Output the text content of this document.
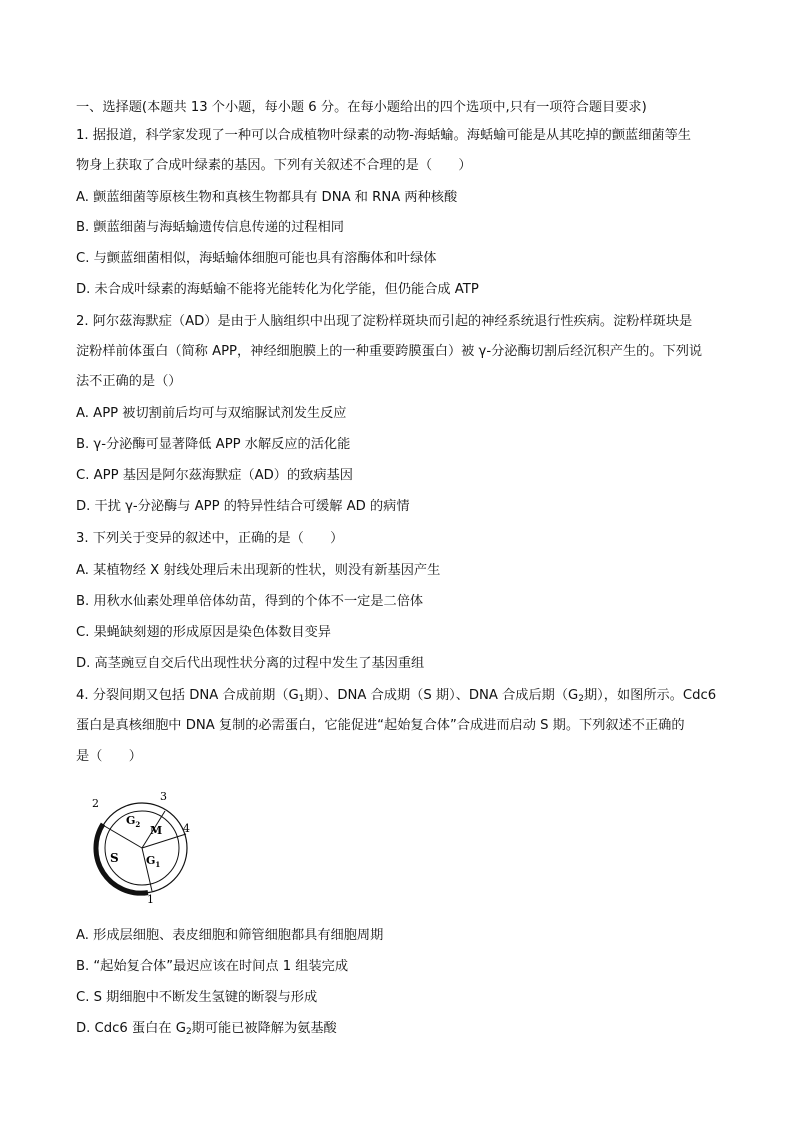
一、选择题(本题共 13 个小题，每小题 6 分。在每小题给出的四个选项中,只有一项符合题目要求)
1. 据报道，科学家发现了一种可以合成植物叶绿素的动物-海蛞蝓。海蛞蝓可能是从其吃掉的颤蓝细菌等生
物身上获取了合成叶绿素的基因。下列有关叙述不合理的是（　　）
A. 颤蓝细菌等原核生物和真核生物都具有 DNA 和 RNA 两种核酸
B. 颤蓝细菌与海蛞蝓遗传信息传递的过程相同
C. 与颤蓝细菌相似，海蛞蝓体细胞可能也具有溶酶体和叶绿体
D. 未合成叶绿素的海蛞蝓不能将光能转化为化学能，但仍能合成 ATP
2. 阿尔茲海默症（AD）是由于人脑组织中出现了淀粉样斑块而引起的神经系统退行性疾病。淀粉样斑块是
淀粉样前体蛋白（简称 APP，神经细胞膜上的一种重要跨膜蛋白）被 γ-分泌酶切割后经沉积产生的。下列说
法不正确的是（）
A. APP 被切割前后均可与双缩脲试剂发生反应
B. γ-分泌酶可显著降低 APP 水解反应的活化能
C. APP 基因是阿尔茲海默症（AD）的致病基因
D. 干扰 γ-分泌酶与 APP 的特异性结合可缓解 AD 的病情
3. 下列关于变异的叙述中，正确的是（　　）
A. 某植物经 X 射线处理后未出现新的性状，则没有新基因产生
B. 用秋水仙素处理单倍体幼苗，得到的个体不一定是二倍体
C. 果蝇缺刻翅的形成原因是染色体数目变异
D. 高茎豌豆自交后代出现性状分离的过程中发生了基因重组
4. 分裂间期又包括 DNA 合成前期（$G_1$期）、DNA 合成期（S 期）、DNA 合成后期（$G_2$期），如图所示。Cdc6
蛋白是真核细胞中 DNA 复制的必需蛋白，它能促进“起始复合体”合成进而启动 S 期。下列叙述不正确的
是（　　）
$G_2$ M
S $G_1$
1
2
3
4
A. 形成层细胞、表皮细胞和筛管细胞都具有细胞周期
B. “起始复合体”最迟应该在时间点 1 组装完成
C. S 期细胞中不断发生氢键的断裂与形成
D. Cdc6 蛋白在 $G_2$期可能已被降解为氨基酸
